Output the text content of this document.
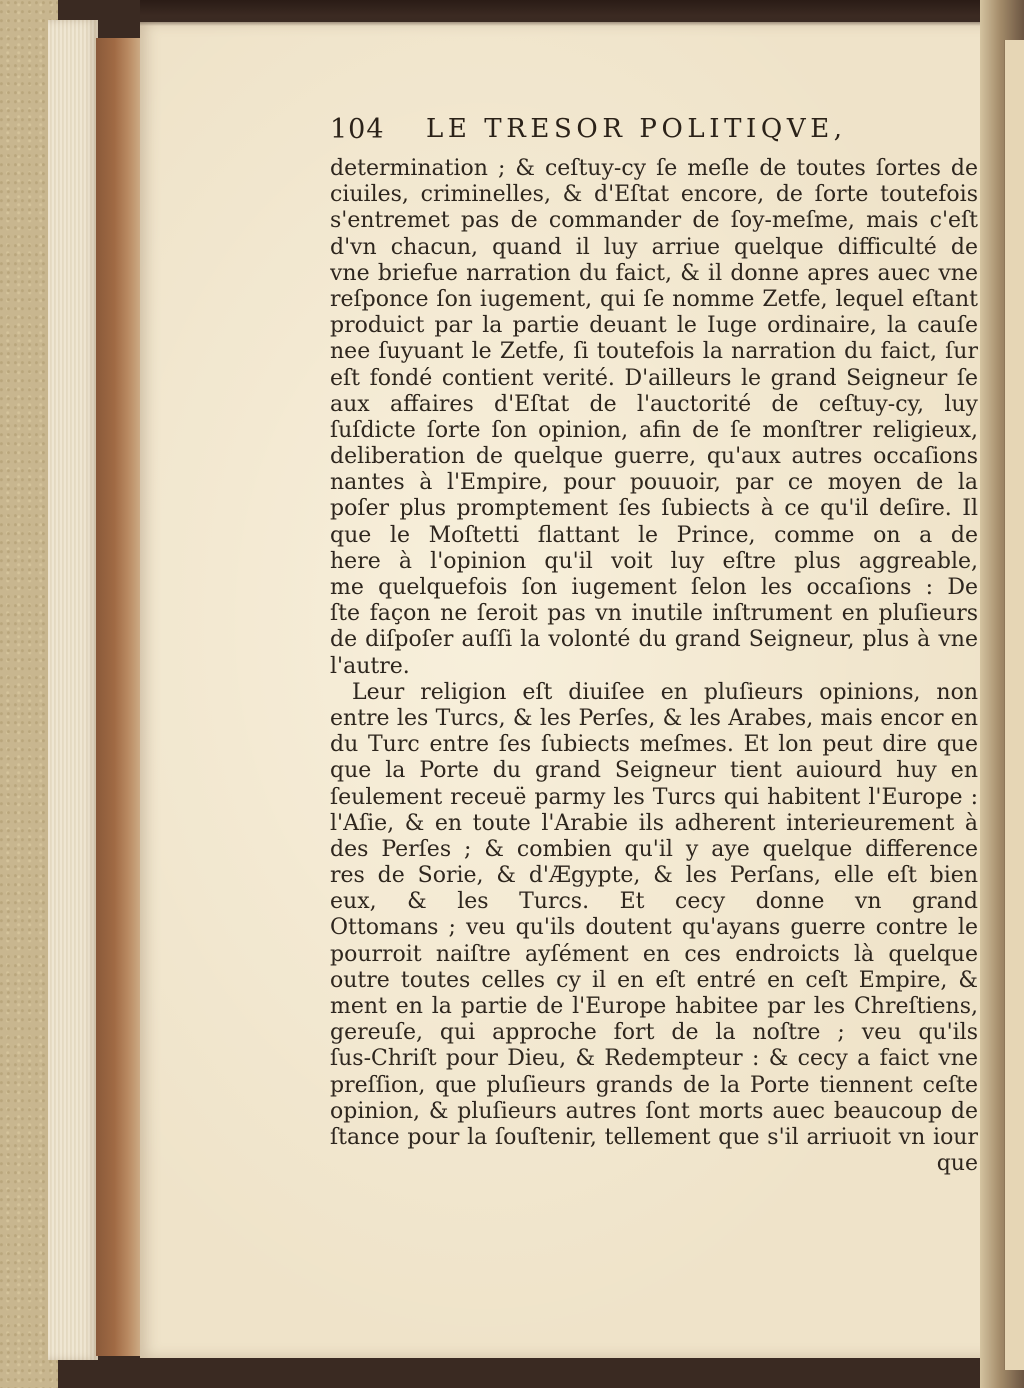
104 LE TRESOR POLITIQVE,
determination ; & ceſtuy-cy ſe meſle de toutes ſortes de
ciuiles, criminelles, & d'Eſtat encore, de ſorte toutefois
s'entremet pas de commander de ſoy-meſme, mais c'eſt
d'vn chacun, quand il luy arriue quelque difficulté de
vne briefue narration du faict, & il donne apres auec vne
reſponce ſon iugement, qui ſe nomme Zetfe, lequel eſtant
produict par la partie deuant le Iuge ordinaire, la cauſe
nee ſuyuant le Zetfe, ſi toutefois la narration du faict, ſur
eſt fondé contient verité. D'ailleurs le grand Seigneur ſe
aux affaires d'Eſtat de l'auctorité de ceſtuy-cy, luy
ſuſdicte ſorte ſon opinion, afin de ſe monſtrer religieux,
deliberation de quelque guerre, qu'aux autres occaſions
nantes à l'Empire, pour pouuoir, par ce moyen de la
poſer plus promptement ſes ſubiects à ce qu'il deſire. Il
que le Moſtetti flattant le Prince, comme on a de
here à l'opinion qu'il voit luy eſtre plus aggreable,
me quelquefois ſon iugement ſelon les occaſions : De
ſte façon ne ſeroit pas vn inutile inſtrument en pluſieurs
de diſpoſer auſſi la volonté du grand Seigneur, plus à vne
l'autre.
Leur religion eſt diuiſee en pluſieurs opinions, non
entre les Turcs, & les Perſes, & les Arabes, mais encor en
du Turc entre ſes ſubiects meſmes. Et lon peut dire que
que la Porte du grand Seigneur tient auiourd huy en
ſeulement receuë parmy les Turcs qui habitent l'Europe :
l'Aſie, & en toute l'Arabie ils adherent interieurement à
des Perſes ; & combien qu'il y aye quelque difference
res de Sorie, & d'Ægypte, & les Perſans, elle eſt bien
eux, & les Turcs. Et cecy donne vn grand
Ottomans ; veu qu'ils doutent qu'ayans guerre contre le
pourroit naiſtre ayſément en ces endroicts là quelque
outre toutes celles cy il en eſt entré en ceſt Empire, &
ment en la partie de l'Europe habitee par les Chreſtiens,
gereuſe, qui approche fort de la noſtre ; veu qu'ils
ſus-Chriſt pour Dieu, & Redempteur : & cecy a faict vne
preſſion, que pluſieurs grands de la Porte tiennent ceſte
opinion, & pluſieurs autres ſont morts auec beaucoup de
ſtance pour la ſouſtenir, tellement que s'il arriuoit vn iour
que
